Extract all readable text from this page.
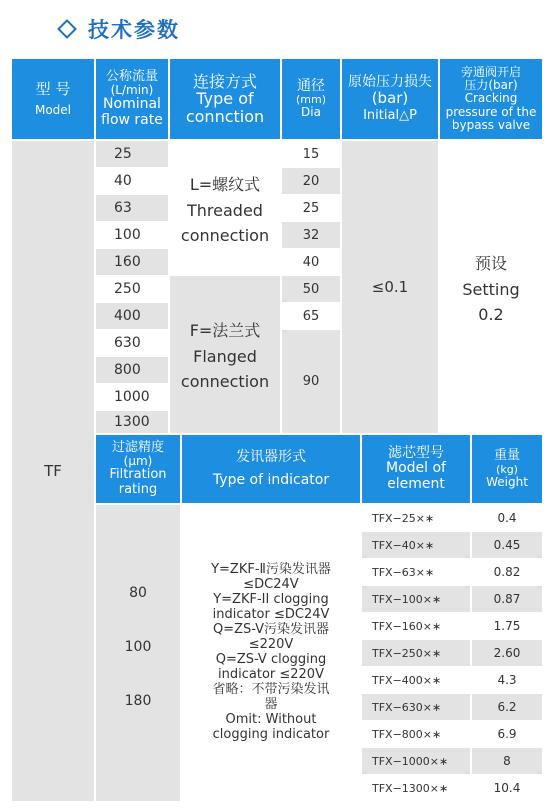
技术参数
型 号
Model
公称流量
(L/min)
Nominal
flow rate
连接方式
Type of
connction
通径
(mm)
Dia
原始压力损失
(bar)
Initial△P
旁通阀开启
压力(bar)
Cracking
pressure of the
bypass valve
TF
25
40
63
100
160
250
400
630
800
1000
1300
L=螺纹式
Threaded
connection
F=法兰式
Flanged
connection
15
20
25
32
40
50
65
90
≤0.1
预设
Setting
0.2
过滤精度
(μm)
Filtration
rating
发讯器形式
Type of indicator
滤芯型号
Model of
element
重量
(kg)
Weight
80
100
180
Y=ZKF-Ⅱ污染发讯器
≤DC24V
Y=ZKF-II clogging
indicator ≤DC24V
Q=ZS-V污染发讯器
≤220V
Q=ZS-V clogging
indicator ≤220V
省略：不带污染发讯
器
Omit: Without
clogging indicator
TFX−25×∗
TFX−40×∗
TFX−63×∗
TFX−100×∗
TFX−160×∗
TFX−250×∗
TFX−400×∗
TFX−630×∗
TFX−800×∗
TFX−1000×∗
TFX−1300×∗
0.4
0.45
0.82
0.87
1.75
2.60
4.3
6.2
6.9
8
10.4
